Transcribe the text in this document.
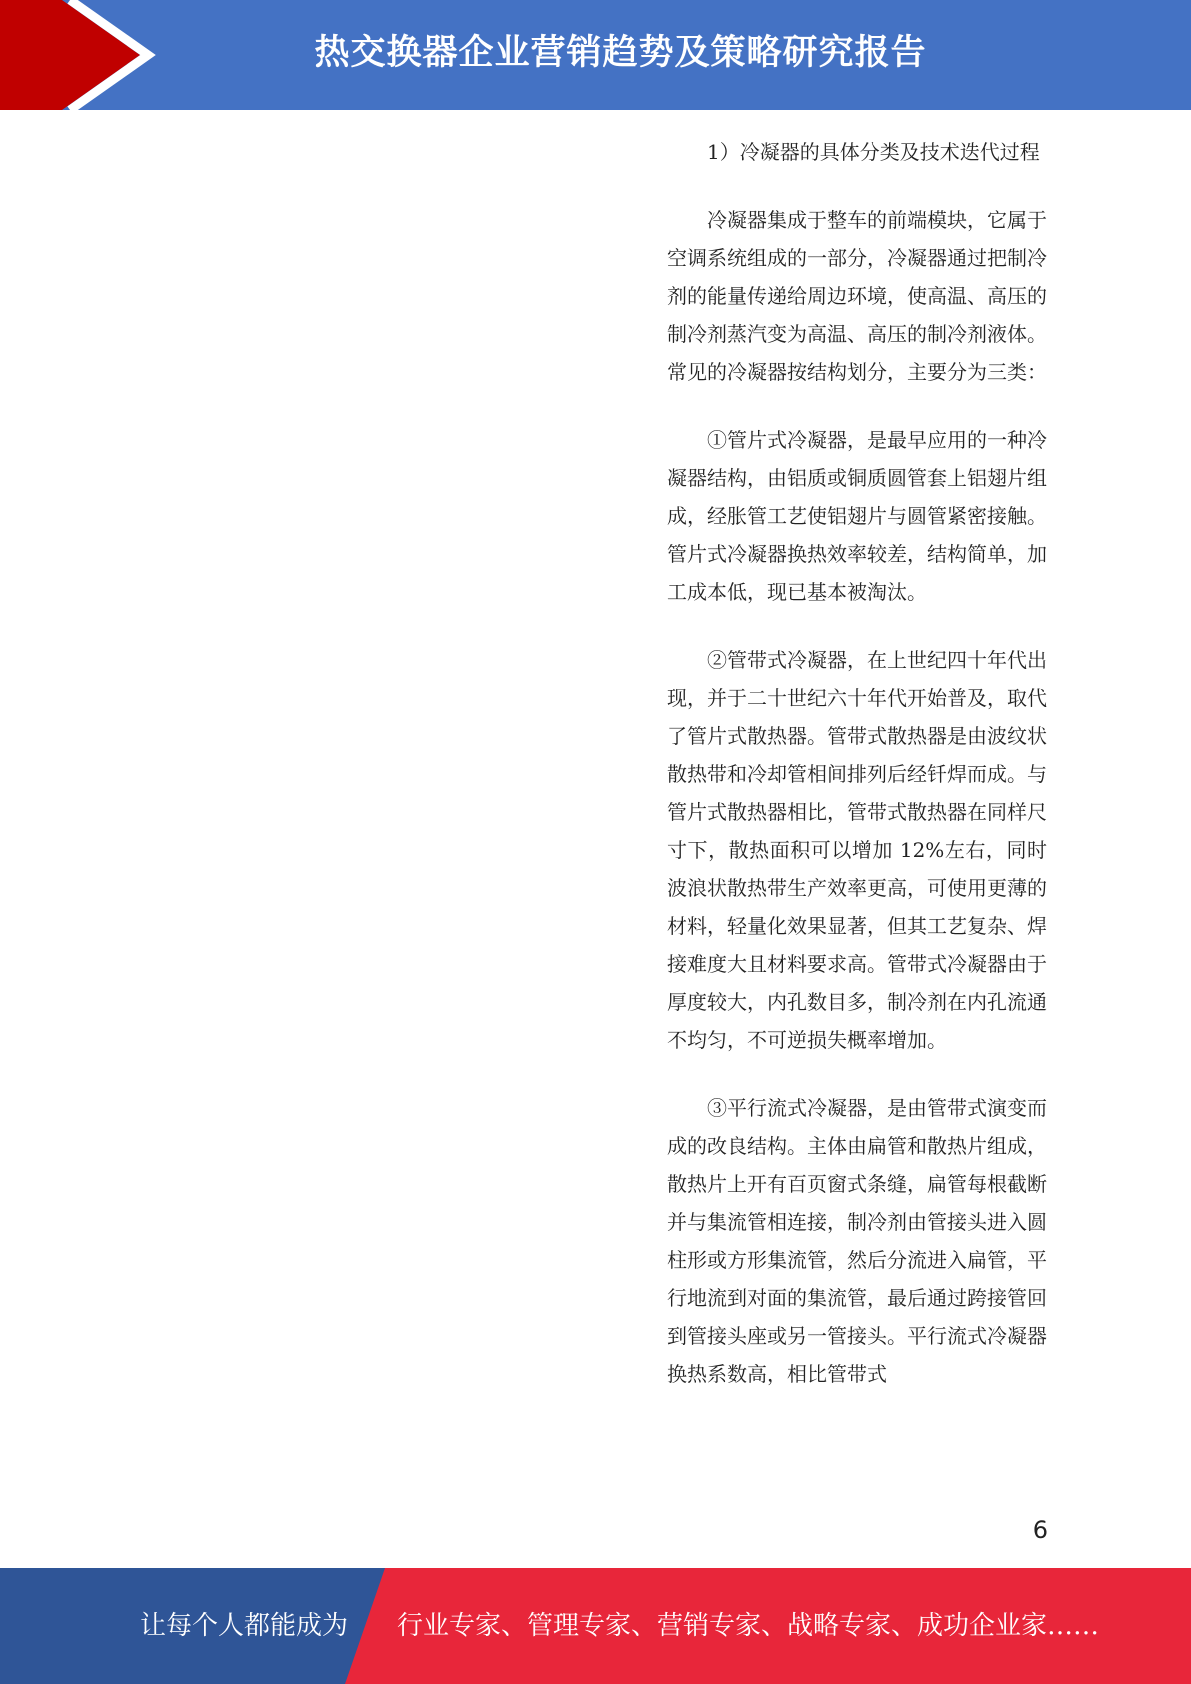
热交换器企业营销趋势及策略研究报告

1）冷凝器的具体分类及技术迭代过程

冷凝器集成于整车的前端模块，它属于空调系统组成的一部分，冷凝器通过把制冷剂的能量传递给周边环境，使高温、高压的制冷剂蒸汽变为高温、高压的制冷剂液体。常见的冷凝器按结构划分，主要分为三类：

①管片式冷凝器，是最早应用的一种冷凝器结构，由铝质或铜质圆管套上铝翅片组成，经胀管工艺使铝翅片与圆管紧密接触。管片式冷凝器换热效率较差，结构简单，加工成本低，现已基本被淘汰。

②管带式冷凝器，在上世纪四十年代出现，并于二十世纪六十年代开始普及，取代了管片式散热器。管带式散热器是由波纹状散热带和冷却管相间排列后经钎焊而成。与管片式散热器相比，管带式散热器在同样尺寸下，散热面积可以增加 12%左右，同时波浪状散热带生产效率更高，可使用更薄的材料，轻量化效果显著，但其工艺复杂、焊接难度大且材料要求高。管带式冷凝器由于厚度较大，内孔数目多，制冷剂在内孔流通不均匀，不可逆损失概率增加。

③平行流式冷凝器，是由管带式演变而成的改良结构。主体由扁管和散热片组成，散热片上开有百页窗式条缝，扁管每根截断并与集流管相连接，制冷剂由管接头进入圆柱形或方形集流管，然后分流进入扁管，平行地流到对面的集流管，最后通过跨接管回到管接头座或另一管接头。平行流式冷凝器换热系数高，相比管带式

6
让每个人都能成为 行业专家、管理专家、营销专家、战略专家、成功企业家……
